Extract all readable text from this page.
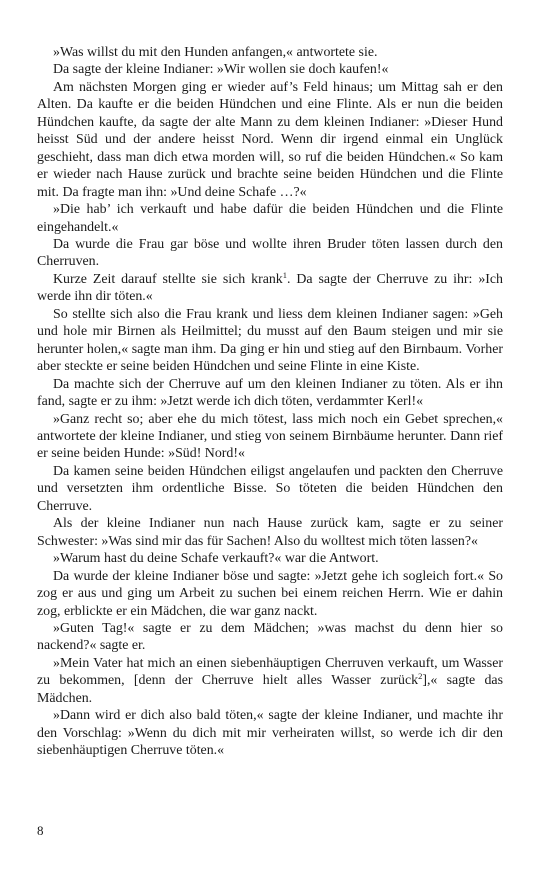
»Was willst du mit den Hunden anfangen,« antwortete sie.

Da sagte der kleine Indianer: »Wir wollen sie doch kaufen!«

Am nächsten Morgen ging er wieder auf’s Feld hinaus; um Mittag sah er den Alten. Da kaufte er die beiden Hündchen und eine Flinte. Als er nun die beiden Hündchen kaufte, da sagte der alte Mann zu dem kleinen Indianer: »Dieser Hund heisst Süd und der andere heisst Nord. Wenn dir irgend einmal ein Unglück geschieht, dass man dich etwa morden will, so ruf die beiden Hündchen.« So kam er wieder nach Hause zurück und brachte seine beiden Hündchen und die Flinte mit. Da fragte man ihn: »Und deine Schafe …?«

»Die hab’ ich verkauft und habe dafür die beiden Hündchen und die Flinte eingehandelt.«

Da wurde die Frau gar böse und wollte ihren Bruder töten lassen durch den Cherruven.

Kurze Zeit darauf stellte sie sich krank$^1$. Da sagte der Cherruve zu ihr: »Ich werde ihn dir töten.«

So stellte sich also die Frau krank und liess dem kleinen Indianer sagen: »Geh und hole mir Birnen als Heilmittel; du musst auf den Baum steigen und mir sie herunter holen,« sagte man ihm. Da ging er hin und stieg auf den Birnbaum. Vorher aber steckte er seine beiden Hündchen und seine Flinte in eine Kiste.

Da machte sich der Cherruve auf um den kleinen Indianer zu töten. Als er ihn fand, sagte er zu ihm: »Jetzt werde ich dich töten, verdammter Kerl!«

»Ganz recht so; aber ehe du mich tötest, lass mich noch ein Gebet sprechen,« antwortete der kleine Indianer, und stieg von seinem Birnbäume herunter. Dann rief er seine beiden Hunde: »Süd! Nord!«

Da kamen seine beiden Hündchen eiligst angelaufen und packten den Cherruve und versetzten ihm ordentliche Bisse. So töteten die beiden Hündchen den Cherruve.

Als der kleine Indianer nun nach Hause zurück kam, sagte er zu seiner Schwester: »Was sind mir das für Sachen! Also du wolltest mich töten lassen?«

»Warum hast du deine Schafe verkauft?« war die Antwort.

Da wurde der kleine Indianer böse und sagte: »Jetzt gehe ich sogleich fort.« So zog er aus und ging um Arbeit zu suchen bei einem reichen Herrn. Wie er dahin zog, erblickte er ein Mädchen, die war ganz nackt.

»Guten Tag!« sagte er zu dem Mädchen; »was machst du denn hier so nackend?« sagte er.

»Mein Vater hat mich an einen siebenhäuptigen Cherruven verkauft, um Wasser zu bekommen, [denn der Cherruve hielt alles Wasser zurück$^2$],« sagte das Mädchen.

»Dann wird er dich also bald töten,« sagte der kleine Indianer, und machte ihr den Vorschlag: »Wenn du dich mit mir verheiraten willst, so werde ich dir den siebenhäuptigen Cherruve töten.«

8
